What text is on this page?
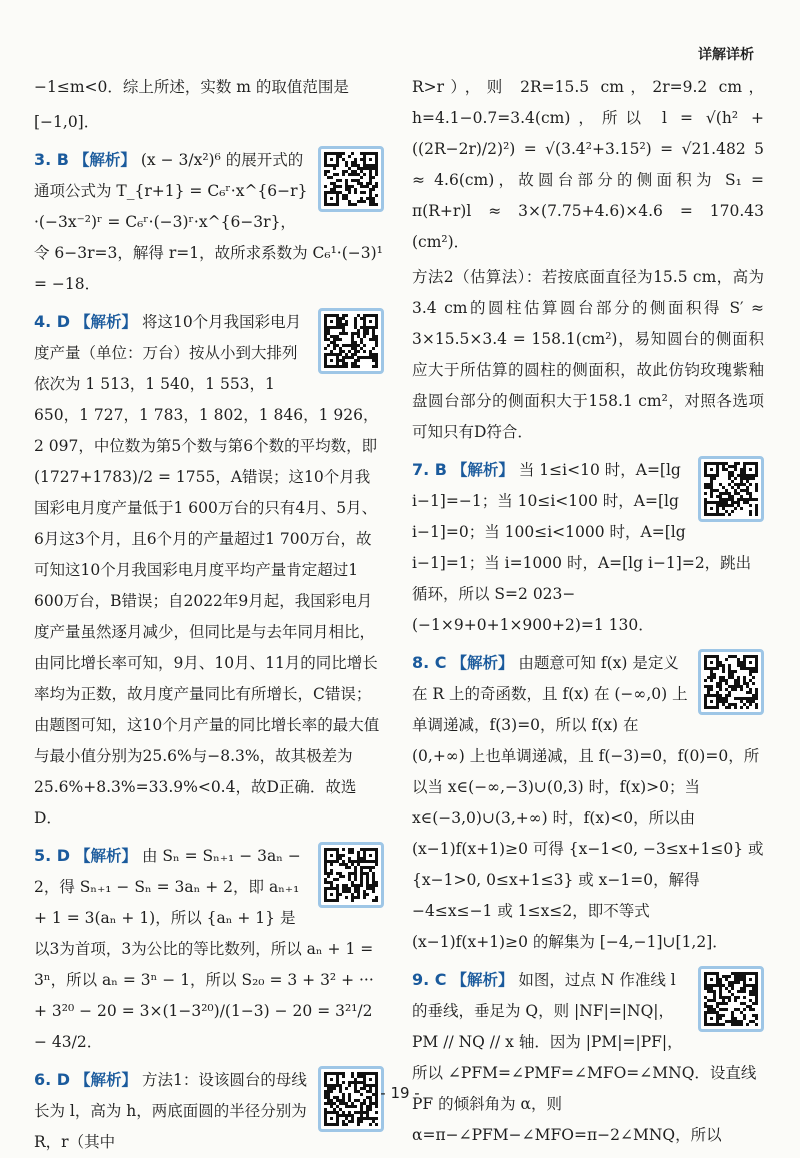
详解详析

−1≤m<0．综上所述，实数 m 的取值范围是

[−1,0]．

3. B 【解析】 (x − 3/x²)⁶ 的展开式的通项公式为 T_{r+1} = C₆ʳ·x^{6−r}·(−3x⁻²)ʳ = C₆ʳ·(−3)ʳ·x^{6−3r}，令 6−3r=3，解得 r=1，故所求系数为 C₆¹·(−3)¹ = −18．
4. D 【解析】 将这10个月我国彩电月度产量（单位：万台）按从小到大排列依次为 1 513，1 540，1 553，1 650，1 727，1 783，1 802，1 846，1 926，2 097，中位数为第5个数与第6个数的平均数，即 (1727+1783)/2 = 1755，A错误；这10个月我国彩电月度产量低于1 600万台的只有4月、5月、6月这3个月，且6个月的产量超过1 700万台，故可知这10个月我国彩电月度平均产量肯定超过1 600万台，B错误；自2022年9月起，我国彩电月度产量虽然逐月减少，但同比是与去年同月相比，由同比增长率可知，9月、10月、11月的同比增长率均为正数，故月度产量同比有所增长，C错误；由题图可知，这10个月产量的同比增长率的最大值与最小值分别为25.6%与−8.3%，故其极差为25.6%+8.3%=33.9%<0.4，故D正确．故选D．
5. D 【解析】 由 Sₙ = Sₙ₊₁ − 3aₙ − 2，得 Sₙ₊₁ − Sₙ = 3aₙ + 2，即 aₙ₊₁ + 1 = 3(aₙ + 1)，所以 {aₙ + 1} 是以3为首项，3为公比的等比数列，所以 aₙ + 1 = 3ⁿ，所以 aₙ = 3ⁿ − 1，所以 S₂₀ = 3 + 3² + ··· + 3²⁰ − 20 = 3×(1−3²⁰)/(1−3) − 20 = 3²¹/2 − 43/2．
6. D 【解析】 方法1：设该圆台的母线长为 l，高为 h，两底面圆的半径分别为 R，r（其中

R>r），则 2R=15.5 cm，2r=9.2 cm，h=4.1−0.7=3.4(cm)，所以 l = √(h² + ((2R−2r)/2)²) = √(3.4²+3.15²) = √21.482 5 ≈ 4.6(cm)，故圆台部分的侧面积为 S₁ = π(R+r)l ≈ 3×(7.75+4.6)×4.6 = 170.43 (cm²)．

方法2（估算法）：若按底面直径为15.5 cm，高为3.4 cm的圆柱估算圆台部分的侧面积得 S′ ≈ 3×15.5×3.4 = 158.1(cm²)，易知圆台的侧面积应大于所估算的圆柱的侧面积，故此仿钧玫瑰紫釉盘圆台部分的侧面积大于158.1 cm²，对照各选项可知只有D符合．

7. B 【解析】 当 1≤i<10 时，A=[lg i−1]=−1；当 10≤i<100 时，A=[lg i−1]=0；当 100≤i<1000 时，A=[lg i−1]=1；当 i=1000 时，A=[lg i−1]=2，跳出循环，所以 S=2 023−(−1×9+0+1×900+2)=1 130．
8. C 【解析】 由题意可知 f(x) 是定义在 R 上的奇函数，且 f(x) 在 (−∞,0) 上单调递减，f(3)=0，所以 f(x) 在 (0,+∞) 上也单调递减，且 f(−3)=0，f(0)=0，所以当 x∈(−∞,−3)∪(0,3) 时，f(x)>0；当 x∈(−3,0)∪(3,+∞) 时，f(x)<0，所以由 (x−1)f(x+1)≥0 可得 {x−1<0, −3≤x+1≤0} 或 {x−1>0, 0≤x+1≤3} 或 x−1=0，解得 −4≤x≤−1 或 1≤x≤2，即不等式 (x−1)f(x+1)≥0 的解集为 [−4,−1]∪[1,2]．
9. C 【解析】 如图，过点 N 作准线 l 的垂线，垂足为 Q，则 |NF|=|NQ|，PM // NQ // x 轴．因为 |PM|=|PF|，所以 ∠PFM=∠PMF=∠MFO=∠MNQ．设直线 PF 的倾斜角为 α，则 α=π−∠PFM−∠MFO=π−2∠MNQ，所以
- 19 -
